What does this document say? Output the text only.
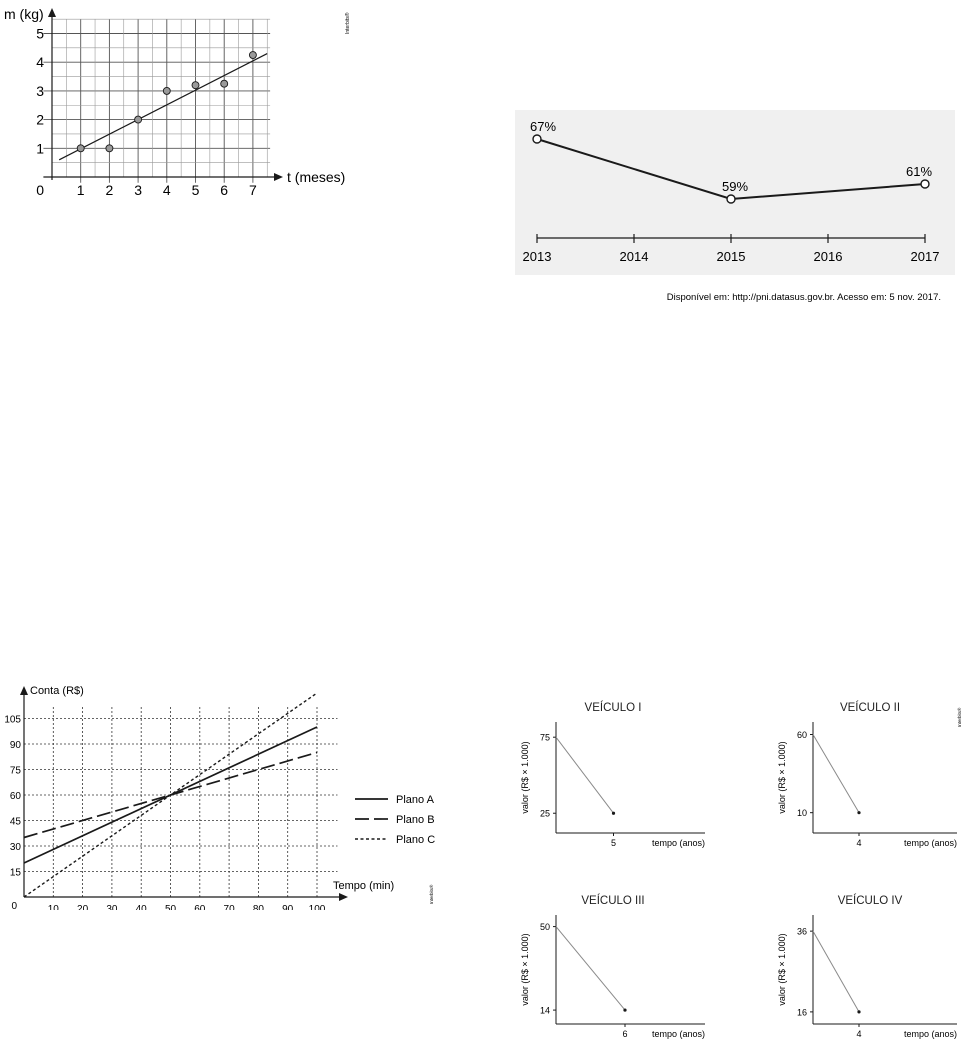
1 2 3 4 5 6 7
1
2
3
4
5
0
m (kg)
t (meses)
Interbits®
2013	2014	2015	2016	2017
67%
59%
61%
Disponível em: http://pni.datasus.gov.br. Acesso em: 5 nov. 2017.
10 20 30 40 50 60 70 80 90 100
15
30
45
60
75
90
105
0
Conta (R$)
Tempo (min)	Interbits®
Plano A
Plano B
Plano C
VEÍCULO I
75
25
5	tempo (anos)
valor (R$ × 1.000)
VEÍCULO II	Interbits®
60
10
4	tempo (anos)
valor (R$ × 1.000)
VEÍCULO III
50
14
6	tempo (anos)
valor (R$ × 1.000)
VEÍCULO IV
36
16
4	tempo (anos)
valor (R$ × 1.000)
